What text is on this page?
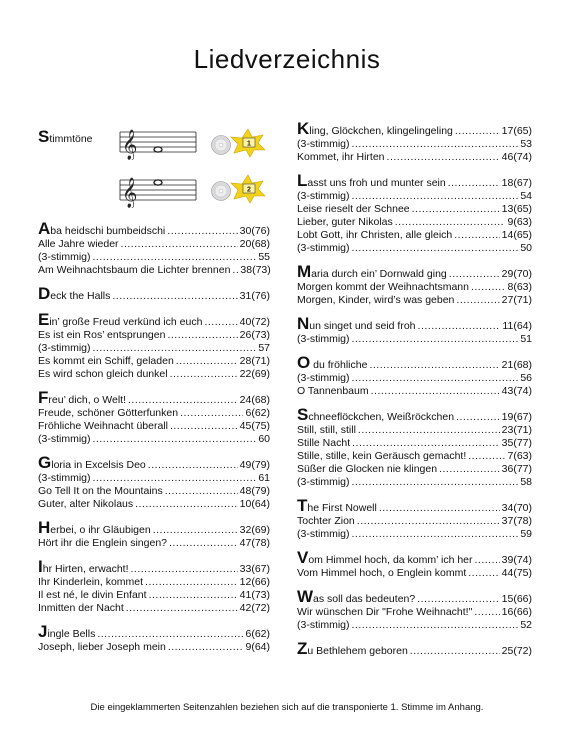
Liedverzeichnis
Stimmtöne 𝄞
𝄞
1
2
Aba heidschi bumbeidschi .....	30(76)
Alle Jahre wieder .....	20(68)
(3-stimmig) .....	55
Am Weihnachtsbaum die Lichter brennen ..... 38(73)
Deck the Halls .....	31(76)
Ein’ große Freud verkünd ich euch .....	40(72)
Es ist ein Ros’ entsprungen .....	26(73)
(3-stimmig) .....	57
Es kommt ein Schiff, geladen .....	28(71)
Es wird schon gleich dunkel .....	22(69)
Freu’ dich, o Welt! .....	24(68)
Freude, schöner Götterfunken .....	6(62)
Fröhliche Weihnacht überall .....	45(75)
(3-stimmig) .....	60
Gloria in Excelsis Deo .....	49(79)
(3-stimmig) .....	61
Go Tell It on the Mountains .....	48(79)
Guter, alter Nikolaus .....	10(64)
Herbei, o ihr Gläubigen .....	32(69)
Hört ihr die Englein singen? .....	47(78)
Ihr Hirten, erwacht! .....	33(67)
Ihr Kinderlein, kommet .....	12(66)
Il est né, le divin Enfant .....	41(73)
Inmitten der Nacht .....	42(72)
Jingle Bells .....	6(62)
Joseph, lieber Joseph mein .....	9(64)
Kling, Glöckchen, klingelingeling .....	17(65)
(3-stimmig) .....	53
Kommet, ihr Hirten .....	46(74)
Lasst uns froh und munter sein .....	18(67)
(3-stimmig) .....	54
Leise rieselt der Schnee .....	13(65)
Lieber, guter Nikolas .....	9(63)
Lobt Gott, ihr Christen, alle gleich .....	14(65)
(3-stimmig) .....	50
Maria durch ein’ Dornwald ging .....	29(70)
Morgen kommt der Weihnachtsmann .....	8(63)
Morgen, Kinder, wird’s was geben .....	27(71)
Nun singet und seid froh .....	11(64)
(3-stimmig) .....	51
O du fröhliche .....	21(68)
(3-stimmig) .....	56
O Tannenbaum .....	43(74)
Schneeflöckchen, Weißröckchen .....	19(67)
Still, still, still .....	23(71)
Stille Nacht .....	35(77)
Stille, stille, kein Geräusch gemacht! .....	7(63)
Süßer die Glocken nie klingen .....	36(77)
(3-stimmig) .....	58
The First Nowell .....	34(70)
Tochter Zion .....	37(78)
(3-stimmig) .....	59
Vom Himmel hoch, da komm’ ich her .....	39(74)
Vom Himmel hoch, o Englein kommt .....	44(75)
Was soll das bedeuten? .....	15(66)
Wir wünschen Dir "Frohe Weihnacht!" .....	16(66)
(3-stimmig) .....	52
Zu Bethlehem geboren .....	25(72)
Die eingeklammerten Seitenzahlen beziehen sich auf die transponierte 1. Stimme im Anhang.
